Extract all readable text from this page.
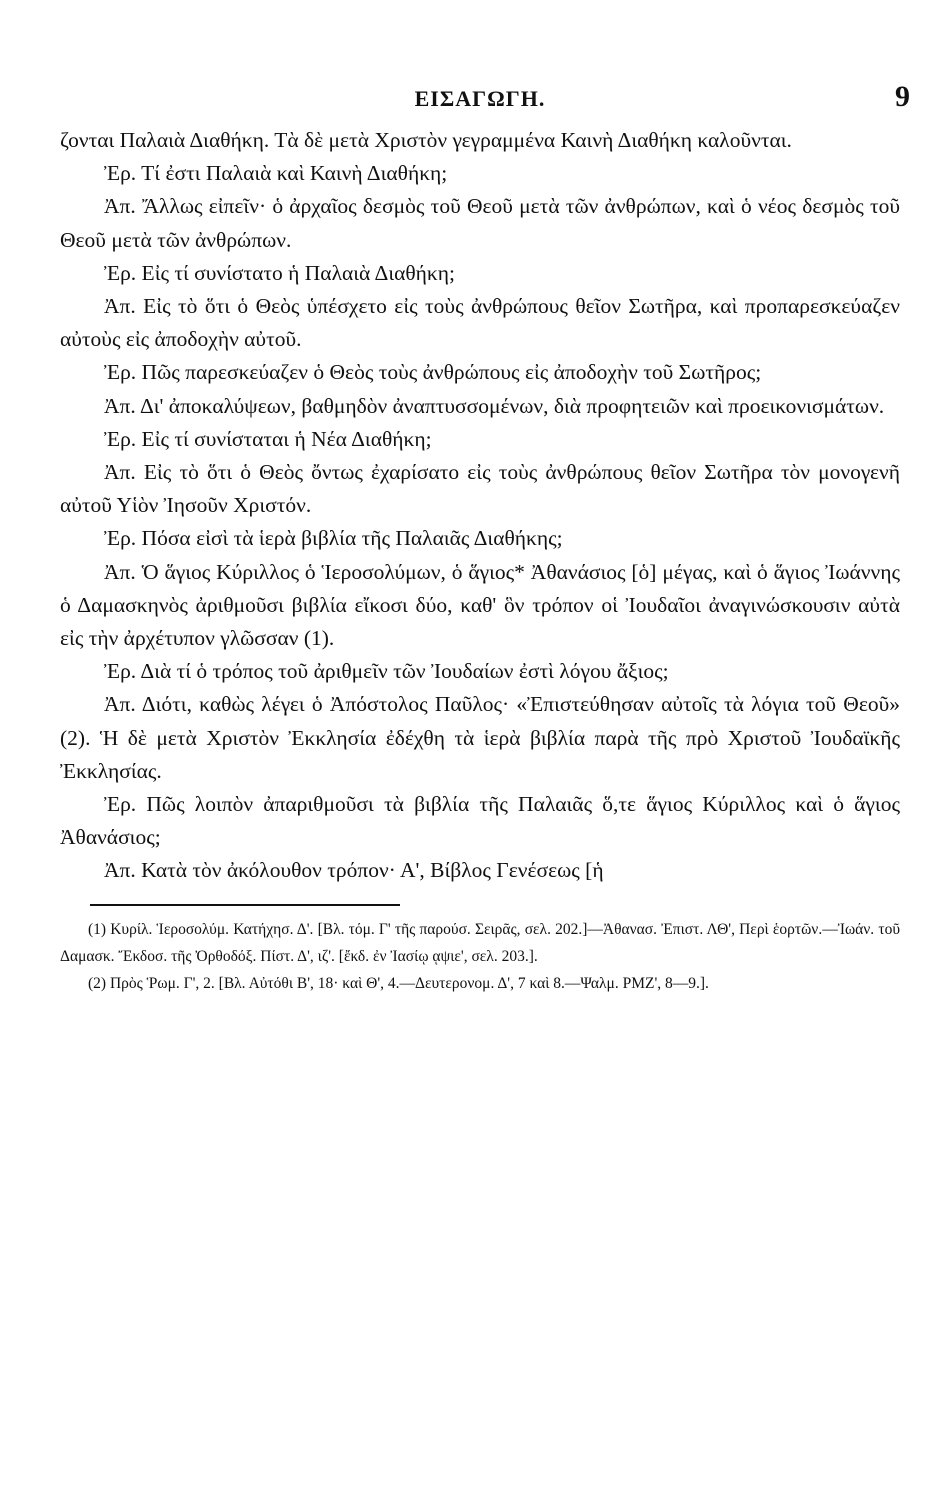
ΕΙΣΑΓΩΓΗ.	9

ζονται Παλαιὰ Διαθήκη. Τὰ δὲ μετὰ Χριστὸν γεγραμμένα Καινὴ Διαθήκη καλοῦνται.

Ἐρ. Τί ἐστι Παλαιὰ καὶ Καινὴ Διαθήκη;

Ἀπ. Ἄλλως εἰπεῖν· ὁ ἀρχαῖος δεσμὸς τοῦ Θεοῦ μετὰ τῶν ἀνθρώπων, καὶ ὁ νέος δεσμὸς τοῦ Θεοῦ μετὰ τῶν ἀνθρώπων.

Ἐρ. Εἰς τί συνίστατο ἡ Παλαιὰ Διαθήκη;

Ἀπ. Εἰς τὸ ὅτι ὁ Θεὸς ὑπέσχετο εἰς τοὺς ἀνθρώπους θεῖον Σωτῆρα, καὶ προπαρεσκεύαζεν αὐτοὺς εἰς ἀποδοχὴν αὐτοῦ.

Ἐρ. Πῶς παρεσκεύαζεν ὁ Θεὸς τοὺς ἀνθρώπους εἰς ἀποδοχὴν τοῦ Σωτῆρος;

Ἀπ. Δι' ἀποκαλύψεων, βαθμηδὸν ἀναπτυσσομένων, διὰ προφητειῶν καὶ προεικονισμάτων.

Ἐρ. Εἰς τί συνίσταται ἡ Νέα Διαθήκη;

Ἀπ. Εἰς τὸ ὅτι ὁ Θεὸς ὄντως ἐχαρίσατο εἰς τοὺς ἀνθρώπους θεῖον Σωτῆρα τὸν μονογενῆ αὐτοῦ Υἱὸν Ἰησοῦν Χριστόν.

Ἐρ. Πόσα εἰσὶ τὰ ἱερὰ βιβλία τῆς Παλαιᾶς Διαθήκης;

Ἀπ. Ὁ ἅγιος Κύριλλος ὁ Ἱεροσολύμων, ὁ ἅγιος* Ἀθανάσιος [ὁ] μέγας, καὶ ὁ ἅγιος Ἰωάννης ὁ Δαμασκηνὸς ἀριθμοῦσι βιβλία εἴκοσι δύο, καθ' ὃν τρόπον οἱ Ἰουδαῖοι ἀναγινώσκουσιν αὐτὰ εἰς τὴν ἀρχέτυπον γλῶσσαν (1).

Ἐρ. Διὰ τί ὁ τρόπος τοῦ ἀριθμεῖν τῶν Ἰουδαίων ἐστὶ λόγου ἄξιος;

Ἀπ. Διότι, καθὼς λέγει ὁ Ἀπόστολος Παῦλος· «Ἐπιστεύθησαν αὐτοῖς τὰ λόγια τοῦ Θεοῦ» (2). Ἡ δὲ μετὰ Χριστὸν Ἐκκλησία ἐδέχθη τὰ ἱερὰ βιβλία παρὰ τῆς πρὸ Χριστοῦ Ἰουδαϊκῆς Ἐκκλησίας.

Ἐρ. Πῶς λοιπὸν ἀπαριθμοῦσι τὰ βιβλία τῆς Παλαιᾶς ὅ,τε ἅγιος Κύριλλος καὶ ὁ ἅγιος Ἀθανάσιος;

Ἀπ. Κατὰ τὸν ἀκόλουθον τρόπον· Α', Βίβλος Γενέσεως [ἡ

(1) Κυρίλ. Ἱεροσολύμ. Κατήχησ. Δ'. [Βλ. τόμ. Γ' τῆς παρούσ. Σειρᾶς, σελ. 202.]—Ἀθανασ. Ἐπιστ. ΛΘ', Περὶ ἑορτῶν.—Ἰωάν. τοῦ Δαμασκ. Ἔκδοσ. τῆς Ὀρθοδόξ. Πίστ. Δ', ιζ'. [ἔκδ. ἐν Ἰασίῳ ᾳψιε', σελ. 203.].

(2) Πρὸς Ῥωμ. Γ', 2. [Βλ. Αὐτόθι Β', 18· καὶ Θ', 4.—Δευτερονομ. Δ', 7 καὶ 8.—Ψαλμ. ΡΜΖ', 8—9.].
